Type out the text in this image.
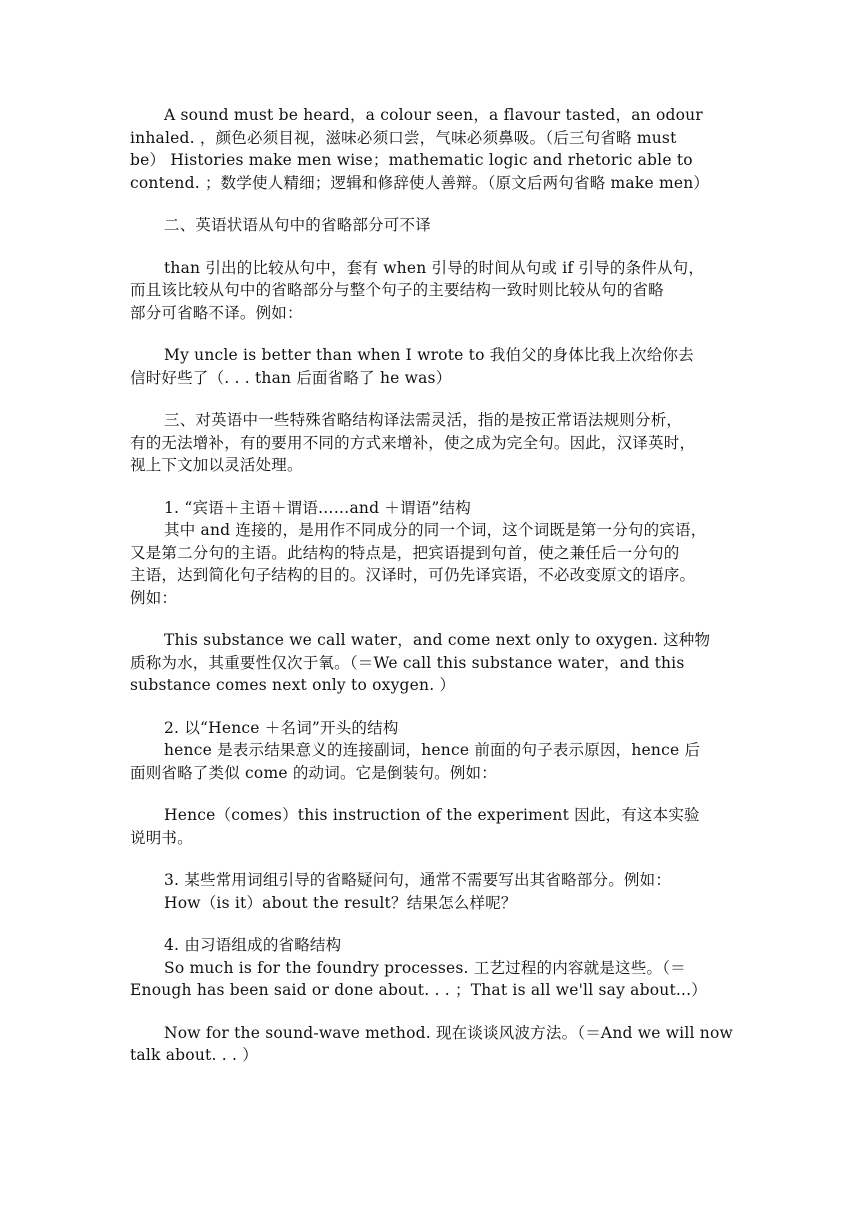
A sound must be heard，a colour seen，a flavour tasted，an odour
inhaled. ，颜色必须目视，滋味必须口尝，气味必须鼻吸。（后三句省略 must
be） Histories make men wise；mathematic logic and rhetoric able to
contend. ；数学使人精细；逻辑和修辞使人善辩。（原文后两句省略 make men）
二、英语状语从句中的省略部分可不译
than 引出的比较从句中，套有 when 引导的时间从句或 if 引导的条件从句，
而且该比较从句中的省略部分与整个句子的主要结构一致时则比较从句的省略
部分可省略不译。例如：
My uncle is better than when I wrote to 我伯父的身体比我上次给你去
信时好些了（. . . than 后面省略了 he was）
三、对英语中一些特殊省略结构译法需灵活，指的是按正常语法规则分析，
有的无法增补，有的要用不同的方式来增补，使之成为完全句。因此，汉译英时，
视上下文加以灵活处理。
1. “宾语＋主语＋谓语……and ＋谓语”结构
其中 and 连接的，是用作不同成分的同一个词，这个词既是第一分句的宾语，
又是第二分句的主语。此结构的特点是，把宾语提到句首，使之兼任后一分句的
主语，达到简化句子结构的目的。汉译时，可仍先译宾语，不必改变原文的语序。
例如：
This substance we call water，and come next only to oxygen. 这种物
质称为水，其重要性仅次于氧。（＝We call this substance water，and this
substance comes next only to oxygen. ）
2. 以“Hence ＋名词”开头的结构
hence 是表示结果意义的连接副词，hence 前面的句子表示原因，hence 后
面则省略了类似 come 的动词。它是倒装句。例如：
Hence（comes）this instruction of the experiment 因此，有这本实验
说明书。
3. 某些常用词组引导的省略疑问句，通常不需要写出其省略部分。例如：
How（is it）about the result？结果怎么样呢？
4. 由习语组成的省略结构
So much is for the foundry processes. 工艺过程的内容就是这些。（＝
Enough has been said or done about. . . ；That is all we'll say about...）
Now for the sound-wave method. 现在谈谈风波方法。（＝And we will now
talk about. . . ）
